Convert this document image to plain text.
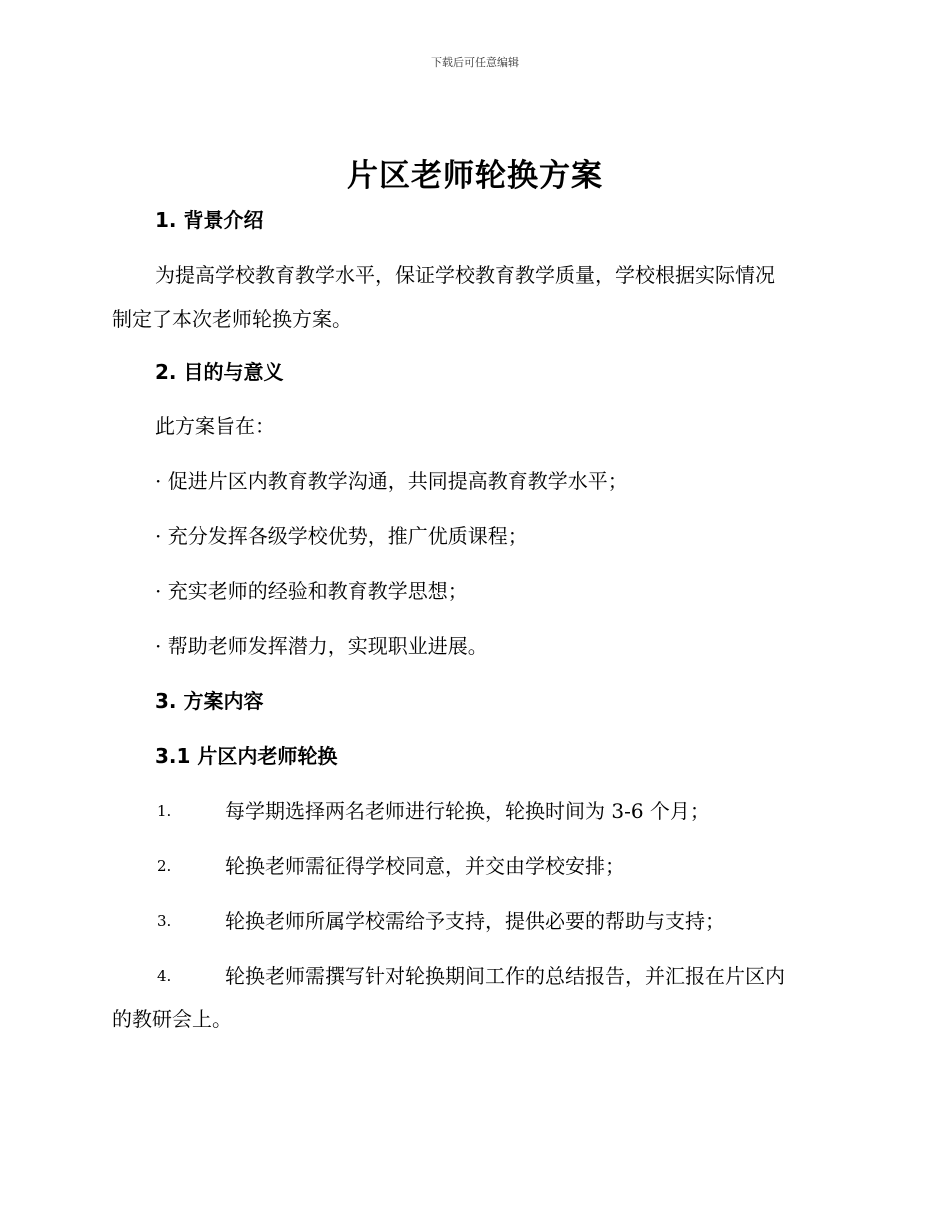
下载后可任意编辑
片区老师轮换方案
1. 背景介绍
为提高学校教育教学水平，保证学校教育教学质量，学校根据实际情况
制定了本次老师轮换方案。
2. 目的与意义
此方案旨在：
· 促进片区内教育教学沟通，共同提高教育教学水平；
· 充分发挥各级学校优势，推广优质课程；
· 充实老师的经验和教育教学思想；
· 帮助老师发挥潜力，实现职业进展。
3. 方案内容
3.1 片区内老师轮换
1.	每学期选择两名老师进行轮换，轮换时间为 3-6 个月；
2.	轮换老师需征得学校同意，并交由学校安排；
3.	轮换老师所属学校需给予支持，提供必要的帮助与支持；
4.	轮换老师需撰写针对轮换期间工作的总结报告，并汇报在片区内
的教研会上。
